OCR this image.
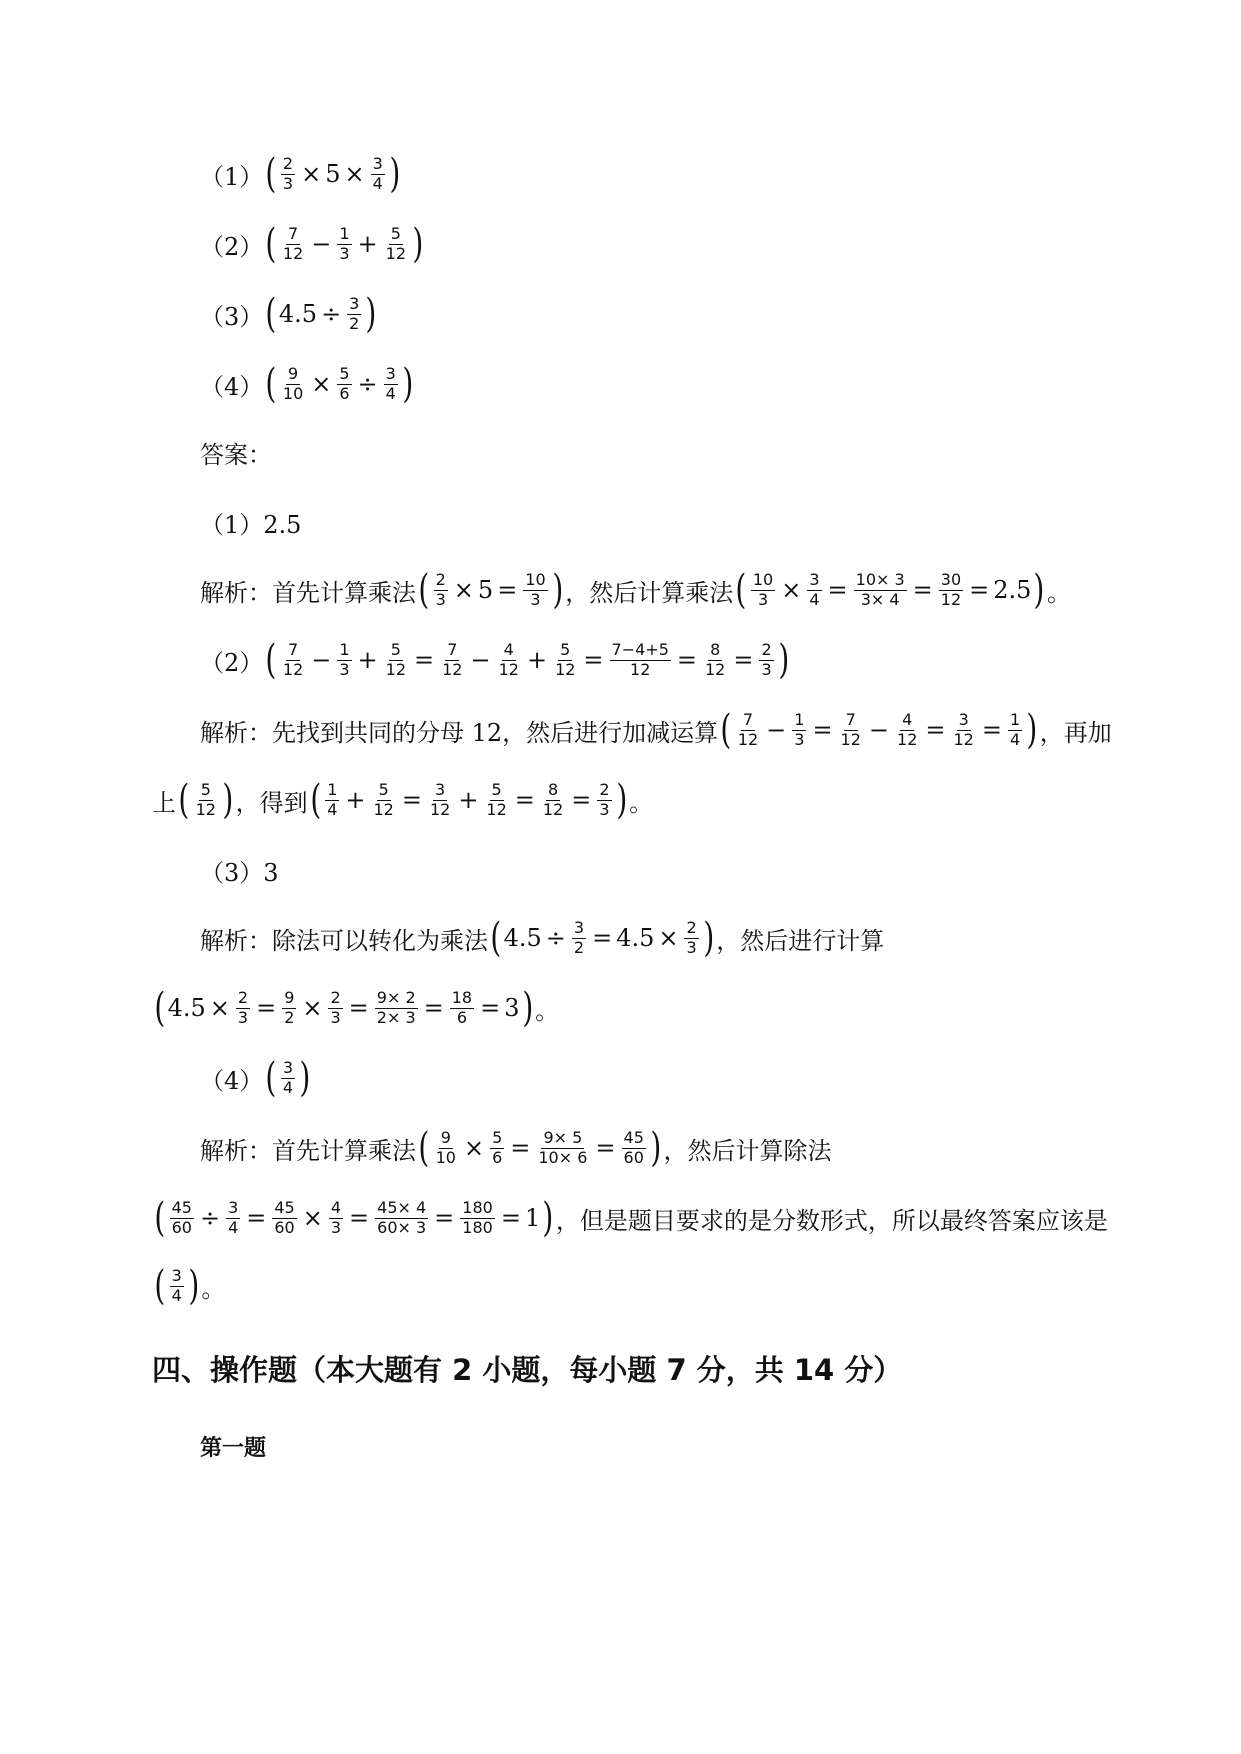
（1） ( $\frac{2}{3} \times 5 \times \frac{3}{4}$ )
（2） ( $\frac{7}{12} - \frac{1}{3} + \frac{5}{12}$ )
（3） ( $4.5 \div \frac{3}{2}$ )
（4） ( $\frac{9}{10} \times \frac{5}{6} \div \frac{3}{4}$ )
答案：
（1）2.5
解析：首先计算乘法 ( $\frac{2}{3} \times 5 = \frac{10}{3}$ ) ，然后计算乘法 ( $\frac{10}{3} \times \frac{3}{4} = \frac{10\times 3}{3\times 4} = \frac{30}{12} = 2.5$ ) 。
（2） ( $\frac{7}{12} - \frac{1}{3} + \frac{5}{12} = \frac{7}{12} - \frac{4}{12} + \frac{5}{12} = \frac{7-4+5}{12} = \frac{8}{12} = \frac{2}{3}$ )
解析：先找到共同的分母 12，然后进行加减运算 ( $\frac{7}{12} - \frac{1}{3} = \frac{7}{12} - \frac{4}{12} = \frac{3}{12} = \frac{1}{4}$ ) ，再加
上 ( $\frac{5}{12}$ ) ，得到 ( $\frac{1}{4} + \frac{5}{12} = \frac{3}{12} + \frac{5}{12} = \frac{8}{12} = \frac{2}{3}$ ) 。
（3）3
解析：除法可以转化为乘法 ( $4.5 \div \frac{3}{2} = 4.5 \times \frac{2}{3}$ ) ，然后进行计算
( $4.5 \times \frac{2}{3} = \frac{9}{2} \times \frac{2}{3} = \frac{9\times 2}{2\times 3} = \frac{18}{6} = 3$ ) 。
（4） ( $\frac{3}{4}$ )
解析：首先计算乘法 ( $\frac{9}{10} \times \frac{5}{6} = \frac{9\times 5}{10\times 6} = \frac{45}{60}$ ) ，然后计算除法
( $\frac{45}{60} \div \frac{3}{4} = \frac{45}{60} \times \frac{4}{3} = \frac{45\times 4}{60\times 3} = \frac{180}{180} = 1$ ) ，但是题目要求的是分数形式，所以最终答案应该是
( $\frac{3}{4}$ ) 。
四、操作题（本大题有 2 小题，每小题 7 分，共 14 分）
第一题
